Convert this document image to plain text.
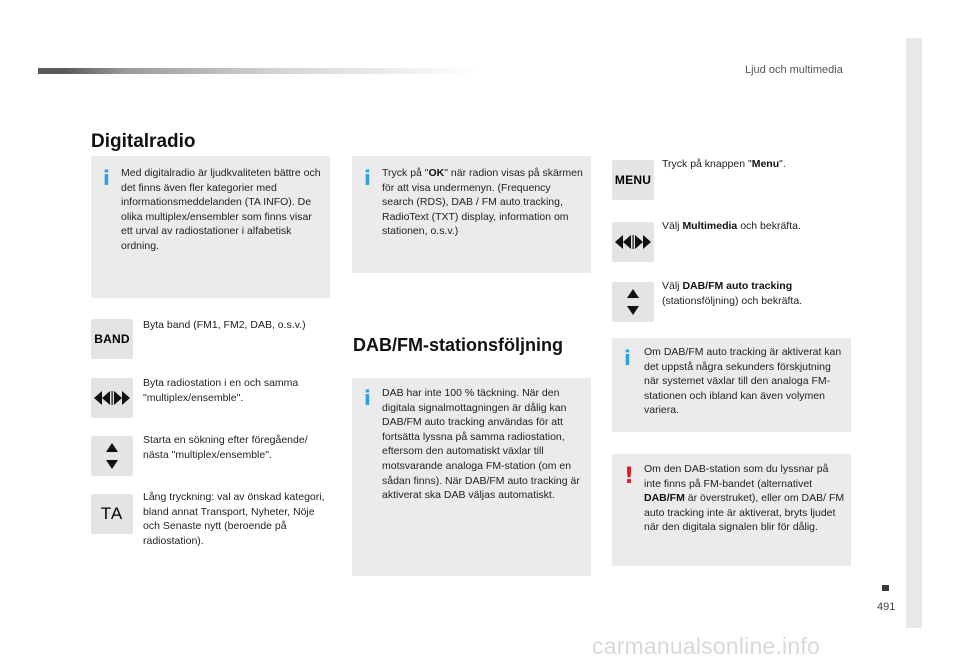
Ljud och multimedia
491
Digitalradio
i Med digitalradio är ljudkvaliteten bättre och det finns även fler kategorier med informationsmeddelanden (TA INFO). De olika multiplex/ensembler som finns visar ett urval av radiostationer i alfabetisk ordning.
i Tryck på "OK" när radion visas på skärmen för att visa undermenyn. (Frequency search (RDS), DAB / FM auto tracking, RadioText (TXT) display, information om stationen, o.s.v.)
BAND
Byta band (FM1, FM2, DAB, o.s.v.)
Byta radiostation i en och samma "multiplex/ensemble".
Starta en sökning efter föregående/ nästa "multiplex/ensemble".
TA
Lång tryckning: val av önskad kategori, bland annat Transport, Nyheter, Nöje och Senaste nytt (beroende på radiostation).
DAB/FM-stationsföljning
i DAB har inte 100 % täckning. När den digitala signalmottagningen är dålig kan DAB/FM auto tracking användas för att fortsätta lyssna på samma radiostation, eftersom den automatiskt växlar till motsvarande analoga FM-station (om en sådan finns). När DAB/FM auto tracking är aktiverat ska DAB väljas automatiskt.
MENU
Tryck på knappen "Menu".
Välj Multimedia och bekräfta.
Välj DAB/FM auto tracking (stationsföljning) och bekräfta.
i Om DAB/FM auto tracking är aktiverat kan det uppstå några sekunders förskjutning när systemet växlar till den analoga FM-stationen och ibland kan även volymen variera.
! Om den DAB-station som du lyssnar på inte finns på FM-bandet (alternativet DAB/FM är överstruket), eller om DAB/ FM auto tracking inte är aktiverat, bryts ljudet när den digitala signalen blir för dålig.
carmanualsonline.info
